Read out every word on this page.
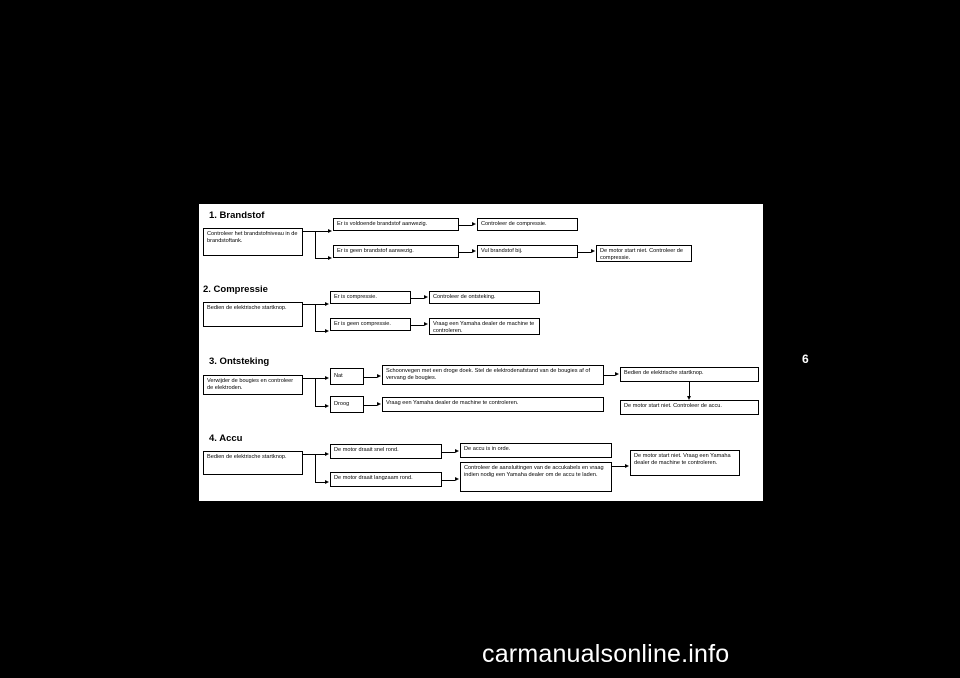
1. Brandstof
Controleer het brandstofniveau in de brandstoftank.
Er is voldoende brandstof aanwezig.
Er is geen brandstof aanwezig.
Controleer de compressie.
Vul brandstof bij.	De motor start niet. Controleer de compressie.
2. Compressie
Bedien de elektrische startknop.
Er is compressie.
Er is geen compressie.
Controleer de ontsteking.
Vraag een Yamaha dealer de machine te controleren.
3. Ontsteking
Verwijder de bougies en controleer de elektroden.
Nat
Droog
Schoonvegen met een droge doek. Stel de elektrodenafstand van de bougies af of vervang de bougies.
Vraag een Yamaha dealer de machine te controleren.
Bedien de elektrische startknop.
De motor start niet. Controleer de accu.
4. Accu
Bedien de elektrische startknop.
De motor draait snel rond.
De motor draait langzaam rond.
De accu is in orde.
Controleer de aansluitingen van de accukabels en vraag indien nodig een Yamaha dealer om de accu te laden.
De motor start niet. Vraag een Yamaha dealer de machine te controleren.
6
carmanualsonline.info
